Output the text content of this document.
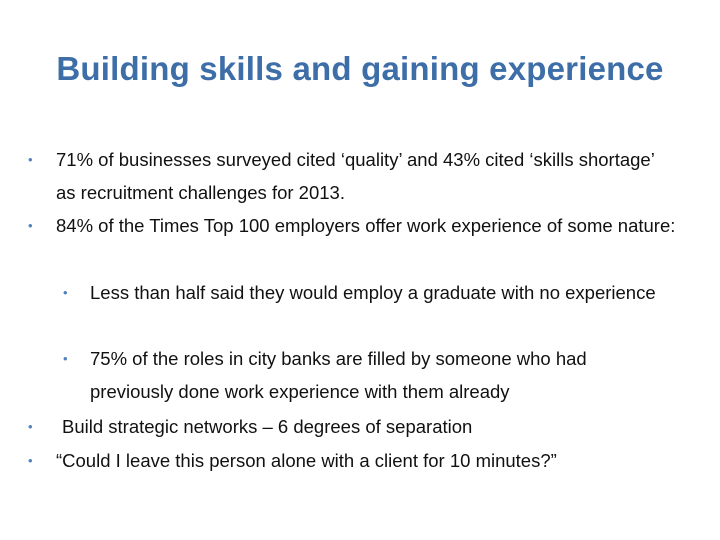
Building skills and gaining experience
• 71% of businesses surveyed cited ‘quality’ and 43% cited ‘skills shortage’ as recruitment challenges for 2013.
• 84% of the Times Top 100 employers offer work experience of some nature:
• Less than half said they would employ a graduate with no experience
• 75% of the roles in city banks are filled by someone who had previously done work experience with them already
• Build strategic networks – 6 degrees of separation
• “Could I leave this person alone with a client for 10 minutes?”
